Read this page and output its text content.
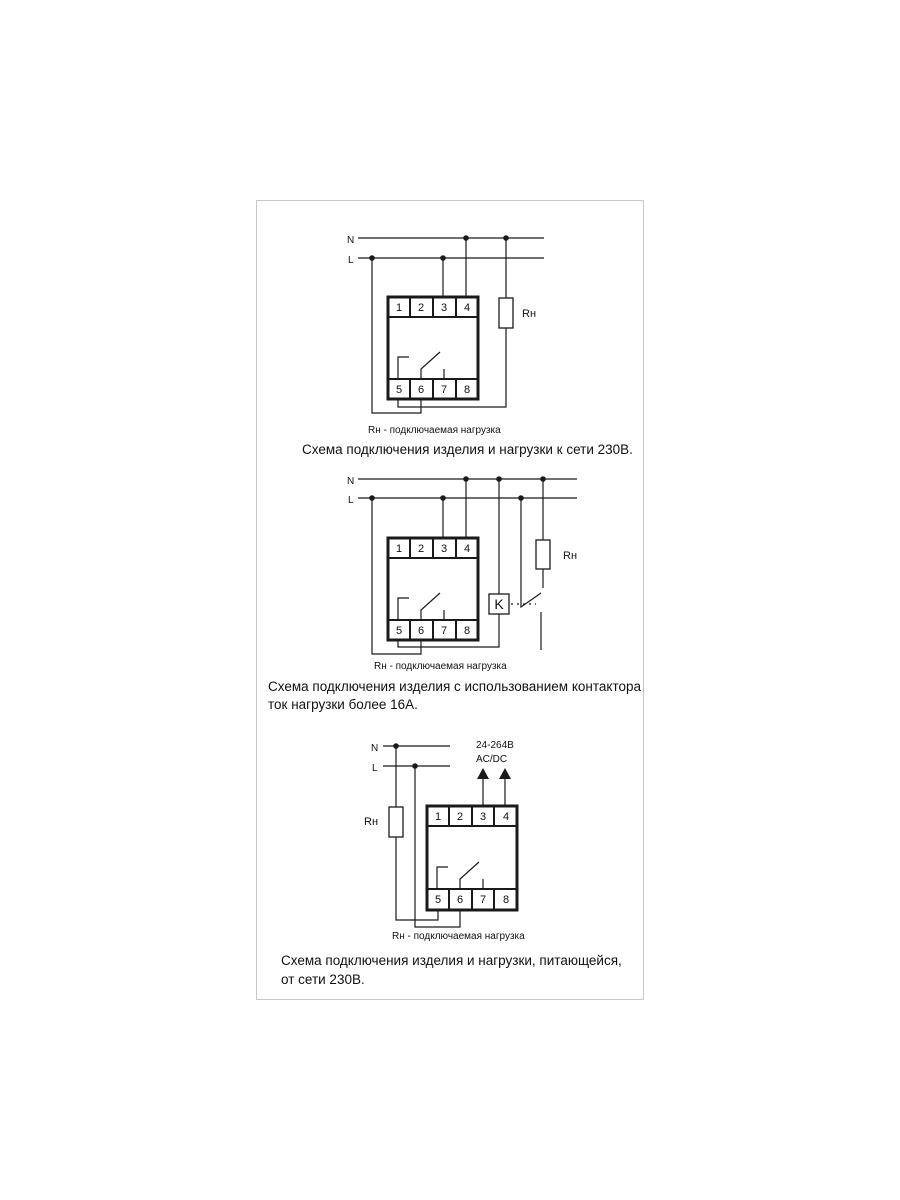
N
L
1 2 3 4
5 6 7 8
Rн
Rн - подключаемая нагрузка
Схема подключения изделия и нагрузки к сети 230В.
N
L
1 2 3 4
5 6 7 8
K
Rн
Rн - подключаемая нагрузка
Схема подключения изделия с использованием контактора
ток нагрузки более 16А.
N
L
Rн
24-264В
AC/DC
1 2 3 4
5 6 7 8
Rн - подключаемая нагрузка
Схема подключения изделия и нагрузки, питающейся,
от сети 230В.
